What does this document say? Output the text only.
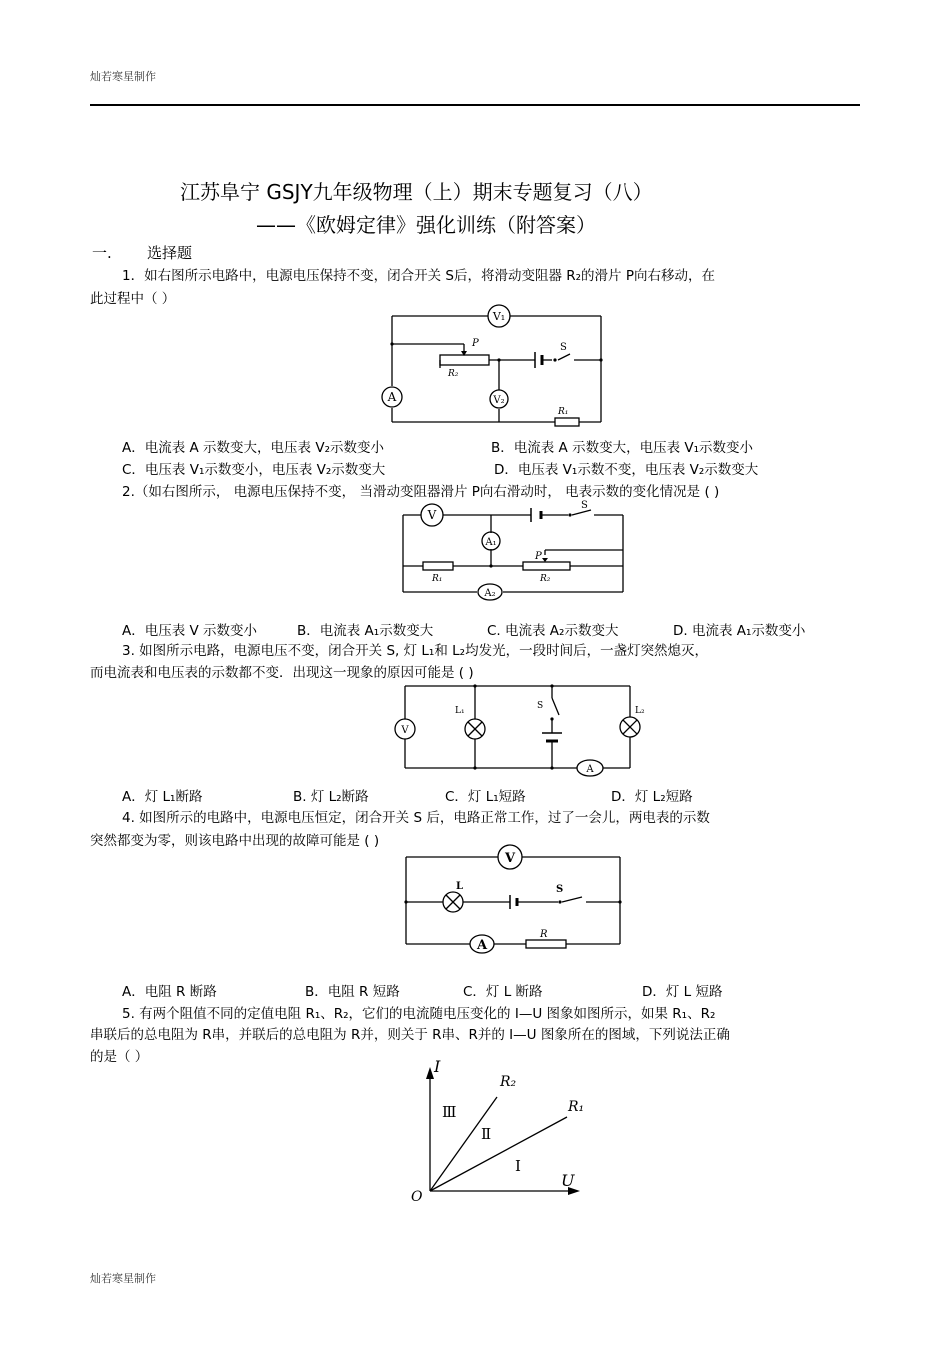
灿若寒星制作
灿若寒星制作
江苏阜宁 GSJY九年级物理（上）期末专题复习（八）
——《欧姆定律》强化训练（附答案）
一. 选择题
1．如右图所示电路中，电源电压保持不变，闭合开关 S后，将滑动变阻器 R₂的滑片 P向右移动，在
此过程中（ ）
V₁
V₂
A
P	S
R₂
R₁
A．电流表 A 示数变大，电压表 V₂示数变小	B．电流表 A 示数变大，电压表 V₁示数变小
C．电压表 V₁示数变小，电压表 V₂示数变大	D．电压表 V₁示数不变，电压表 V₂示数变大
2.（如右图所示， 电源电压保持不变， 当滑动变阻器滑片 P向右滑动时， 电表示数的变化情况是 ( )
V
A₁
A₂
P
S
R₁	R₂
A．电压表 V 示数变小	B．电流表 A₁示数变大	C. 电流表 A₂示数变大	D. 电流表 A₁示数变小
3. 如图所示电路，电源电压不变，闭合开关 S, 灯 L₁和 L₂均发光，一段时间后，一盏灯突然熄灭，
而电流表和电压表的示数都不变．出现这一现象的原因可能是 ( )
V
A
L₁	L₂
S
A．灯 L₁断路	B. 灯 L₂断路	C．灯 L₁短路	D．灯 L₂短路
4. 如图所示的电路中，电源电压恒定，闭合开关 S 后，电路正常工作，过了一会儿，两电表的示数
突然都变为零，则该电路中出现的故障可能是 ( )
V
A
L	S
R
A．电阻 R 断路	B．电阻 R 短路	C．灯 L 断路	D．灯 L 短路
5. 有两个阻值不同的定值电阻 R₁、R₂，它们的电流随电压变化的 I—U 图象如图所示，如果 R₁、R₂
串联后的总电阻为 R串，并联后的总电阻为 R并，则关于 R串、R并的 I—U 图象所在的图域，下列说法正确
的是（ ）	I
U
O
R₂
R₁
Ⅰ
Ⅱ
Ⅲ
